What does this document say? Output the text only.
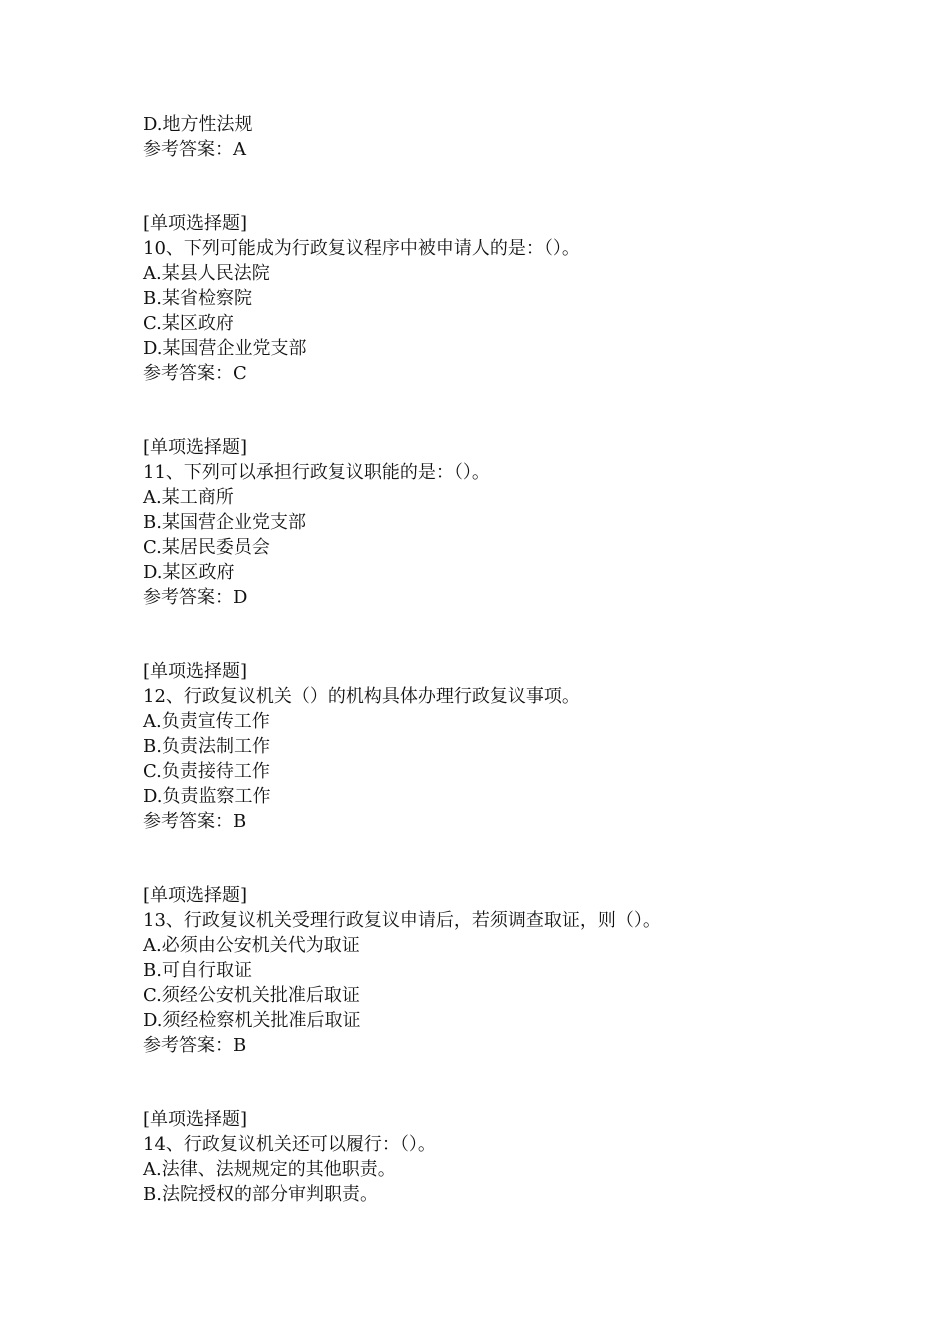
D.地方性法规
参考答案：A
[单项选择题]
10、下列可能成为行政复议程序中被申请人的是：（）。
A.某县人民法院
B.某省检察院
C.某区政府
D.某国营企业党支部
参考答案：C
[单项选择题]
11、下列可以承担行政复议职能的是：（）。
A.某工商所
B.某国营企业党支部
C.某居民委员会
D.某区政府
参考答案：D
[单项选择题]
12、行政复议机关（）的机构具体办理行政复议事项。
A.负责宣传工作
B.负责法制工作
C.负责接待工作
D.负责监察工作
参考答案：B
[单项选择题]
13、行政复议机关受理行政复议申请后，若须调查取证，则（）。
A.必须由公安机关代为取证
B.可自行取证
C.须经公安机关批准后取证
D.须经检察机关批准后取证
参考答案：B
[单项选择题]
14、行政复议机关还可以履行：（）。
A.法律、法规规定的其他职责。
B.法院授权的部分审判职责。
